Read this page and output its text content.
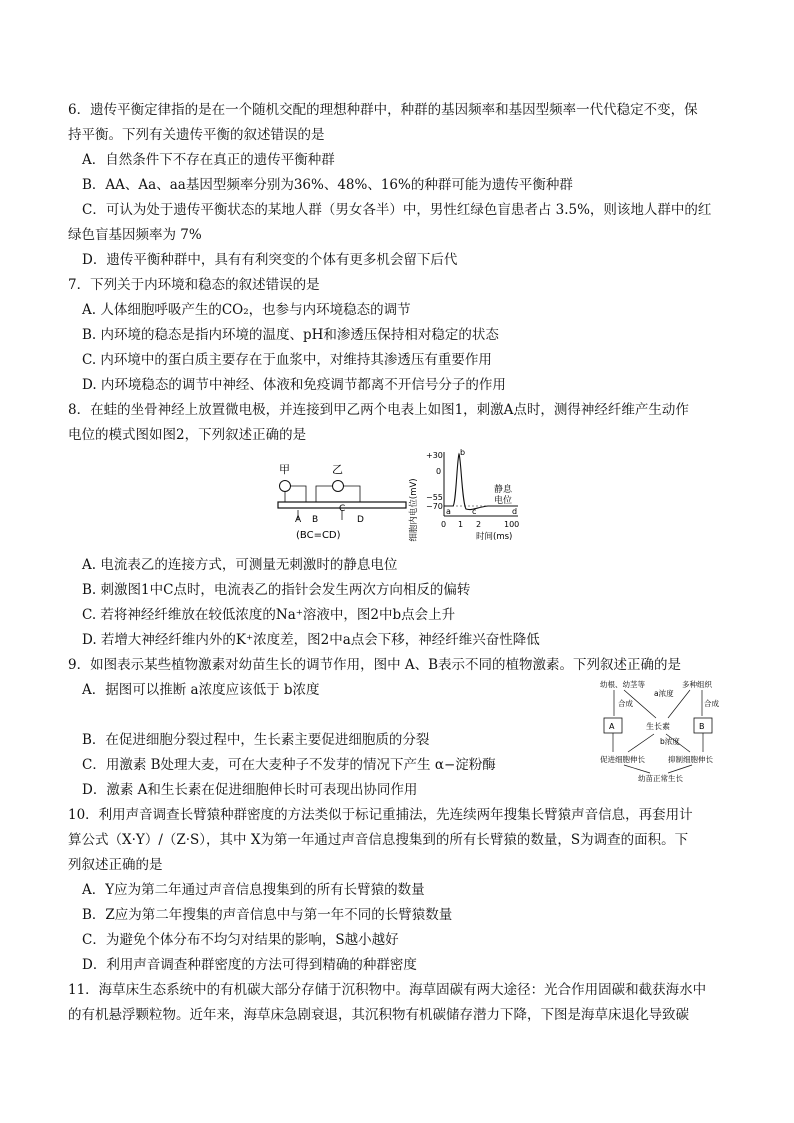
6．遗传平衡定律指的是在一个随机交配的理想种群中，种群的基因频率和基因型频率一代代稳定不变，保
持平衡。下列有关遗传平衡的叙述错误的是
A．自然条件下不存在真正的遗传平衡种群
B．AA、Aa、aa基因型频率分别为36%、48%、16%的种群可能为遗传平衡种群
C．可认为处于遗传平衡状态的某地人群（男女各半）中，男性红绿色盲患者占 3.5%，则该地人群中的红
绿色盲基因频率为 7%
D．遗传平衡种群中，具有有利突变的个体有更多机会留下后代
7．下列关于内环境和稳态的叙述错误的是
A. 人体细胞呼吸产生的CO₂，也参与内环境稳态的调节
B. 内环境的稳态是指内环境的温度、pH和渗透压保持相对稳定的状态
C. 内环境中的蛋白质主要存在于血浆中，对维持其渗透压有重要作用
D. 内环境稳态的调节中神经、体液和免疫调节都离不开信号分子的作用
8．在蛙的坐骨神经上放置微电极，并连接到甲乙两个电表上如图1，刺激A点时，测得神经纤维产生动作
电位的模式图如图2，下列叙述正确的是
甲	乙
A B
C
D
(BC=CD)	细胞内电位(mV)
+30
0
−55
−70
b
a	c	d
静息
电位
0 1 2	100
时间(ms)
A. 电流表乙的连接方式，可测量无刺激时的静息电位
B. 刺激图1中C点时，电流表乙的指针会发生两次方向相反的偏转
C. 若将神经纤维放在较低浓度的Na⁺溶液中，图2中b点会上升
D. 若增大神经纤维内外的K⁺浓度差，图2中a点会下移，神经纤维兴奋性降低
9．如图表示某些植物激素对幼苗生长的调节作用，图中 A、B表示不同的植物激素。下列叙述正确的是
A．据图可以推断 a浓度应该低于 b浓度
B．在促进细胞分裂过程中，生长素主要促进细胞质的分裂
C．用激素 B处理大麦，可在大麦种子不发芽的情况下产生 α−淀粉酶
D．激素 A和生长素在促进细胞伸长时可表现出协同作用
幼根、幼茎等	多种组织
合成	合成
a浓度
A	B
生长素
b浓度
促进细胞伸长	抑制细胞伸长
幼苗正常生长
10．利用声音调查长臂猿种群密度的方法类似于标记重捕法，先连续两年搜集长臂猿声音信息，再套用计
算公式（X·Y）/（Z·S），其中 X为第一年通过声音信息搜集到的所有长臂猿的数量，S为调查的面积。下
列叙述正确的是
A．Y应为第二年通过声音信息搜集到的所有长臂猿的数量
B．Z应为第二年搜集的声音信息中与第一年不同的长臂猿数量
C．为避免个体分布不均匀对结果的影响，S越小越好
D．利用声音调查种群密度的方法可得到精确的种群密度
11．海草床生态系统中的有机碳大部分存储于沉积物中。海草固碳有两大途径：光合作用固碳和截获海水中
的有机悬浮颗粒物。近年来，海草床急剧衰退，其沉积物有机碳储存潜力下降，下图是海草床退化导致碳
